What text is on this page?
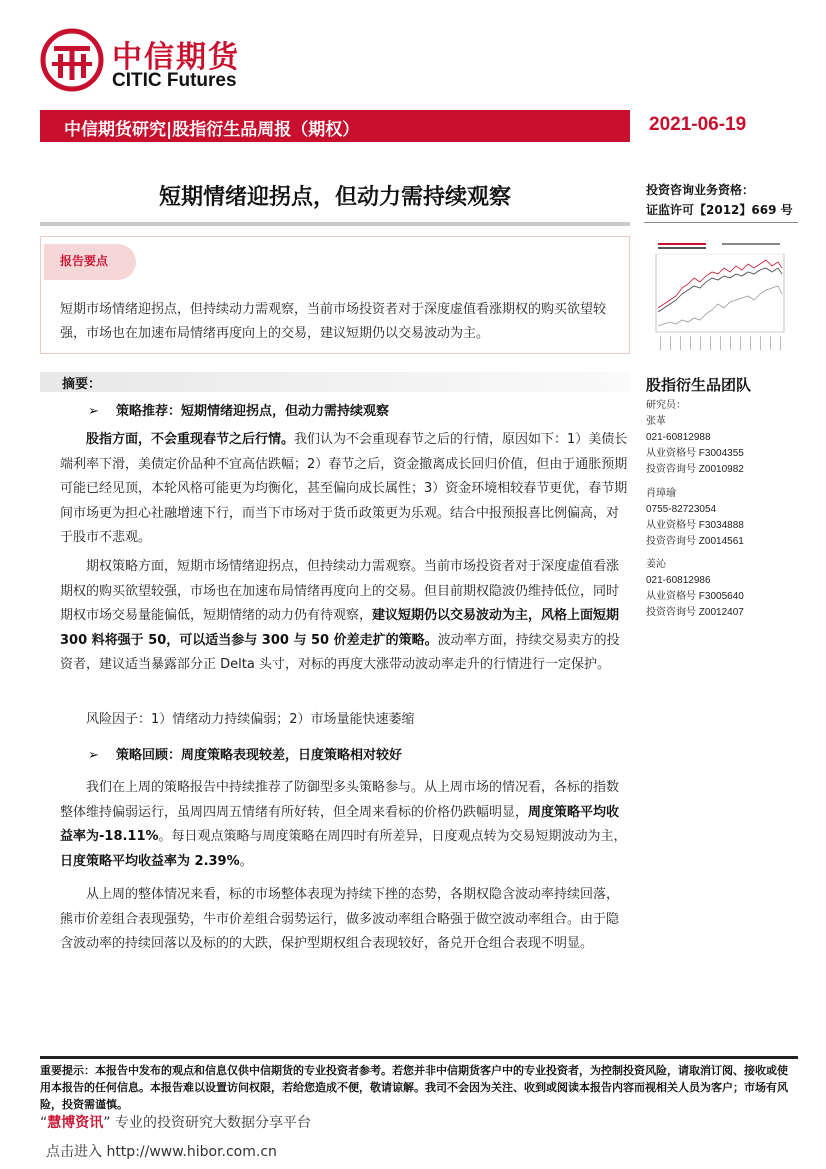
中信期货
CITIC Futures
中信期货研究|股指衍生品周报（期权）	2021-06-19
短期情绪迎拐点，但动力需持续观察	投资咨询业务资格：
证监许可【2012】669 号
报告要点
短期市场情绪迎拐点，但持续动力需观察，当前市场投资者对于深度虚值看涨期权的购买欲望较强，市场也在加速布局情绪再度向上的交易，建议短期仍以交易波动为主。
股指衍生品团队
研究员：
张革
021-60812988
从业资格号 F3004355
投资咨询号 Z0010982
肖璋瑜
0755-82723054
从业资格号 F3034888
投资咨询号 Z0014561
姜沁
021-60812986
从业资格号 F3005640
投资咨询号 Z0012407
摘要：
➢ 策略推荐：短期情绪迎拐点，但动力需持续观察
股指方面，不会重现春节之后行情。我们认为不会重现春节之后的行情，原因如下：1）美债长端利率下滑，美债定价品种不宜高估跌幅；2）春节之后，资金撤离成长回归价值，但由于通胀预期可能已经见顶，本轮风格可能更为均衡化，甚至偏向成长属性；3）资金环境相较春节更优，春节期间市场更为担心社融增速下行，而当下市场对于货币政策更为乐观。结合中报预报喜比例偏高，对于股市不悲观。
期权策略方面，短期市场情绪迎拐点，但持续动力需观察。当前市场投资者对于深度虚值看涨期权的购买欲望较强，市场也在加速布局情绪再度向上的交易。但目前期权隐波仍维持低位，同时期权市场交易量能偏低，短期情绪的动力仍有待观察，建议短期仍以交易波动为主，风格上面短期 300 料将强于 50，可以适当参与 300 与 50 价差走扩的策略。波动率方面，持续交易卖方的投资者，建议适当暴露部分正 Delta 头寸，对标的再度大涨带动波动率走升的行情进行一定保护。
风险因子：1）情绪动力持续偏弱；2）市场量能快速萎缩
➢ 策略回顾：周度策略表现较差，日度策略相对较好
我们在上周的策略报告中持续推荐了防御型多头策略参与。从上周市场的情况看，各标的指数整体维持偏弱运行，虽周四周五情绪有所好转，但全周来看标的价格仍跌幅明显，周度策略平均收益率为-18.11%。每日观点策略与周度策略在周四时有所差异，日度观点转为交易短期波动为主，日度策略平均收益率为 2.39%。
从上周的整体情况来看，标的市场整体表现为持续下挫的态势，各期权隐含波动率持续回落，熊市价差组合表现强势，牛市价差组合弱势运行，做多波动率组合略强于做空波动率组合。由于隐含波动率的持续回落以及标的的大跌，保护型期权组合表现较好，备兑开仓组合表现不明显。
重要提示：本报告中发布的观点和信息仅供中信期货的专业投资者参考。若您并非中信期货客户中的专业投资者，为控制投资风险，请取消订阅、接收或使用本报告的任何信息。本报告难以设置访问权限，若给您造成不便，敬请谅解。我司不会因为关注、收到或阅读本报告内容而视相关人员为客户；市场有风险，投资需谨慎。
“慧博资讯” 专业的投资研究大数据分享平台
点击进入 http://www.hibor.com.cn
